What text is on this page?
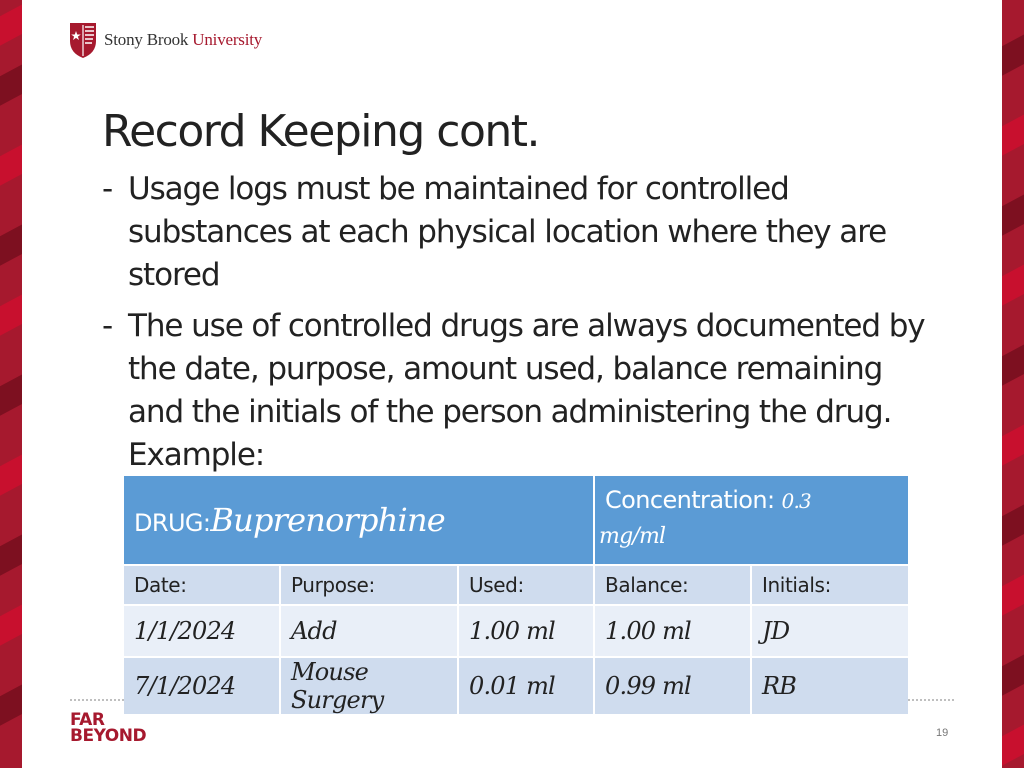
Stony Brook University
Record Keeping cont.
- Usage logs must be maintained for controlled substances at each physical location where they are stored
- The use of controlled drugs are always documented by the date, purpose, amount used, balance remaining and the initials of the person administering the drug. Example:
DRUG:Buprenorphine			Concentration: 0.3
mg/ml	

Date:	Purpose:	Used:	Balance:	Initials:
1/1/2024	Add	1.00 ml	1.00 ml	JD
7/1/2024	Mouse Surgery	0.01 ml	0.99 ml	RB
FAR
BEYOND	19
